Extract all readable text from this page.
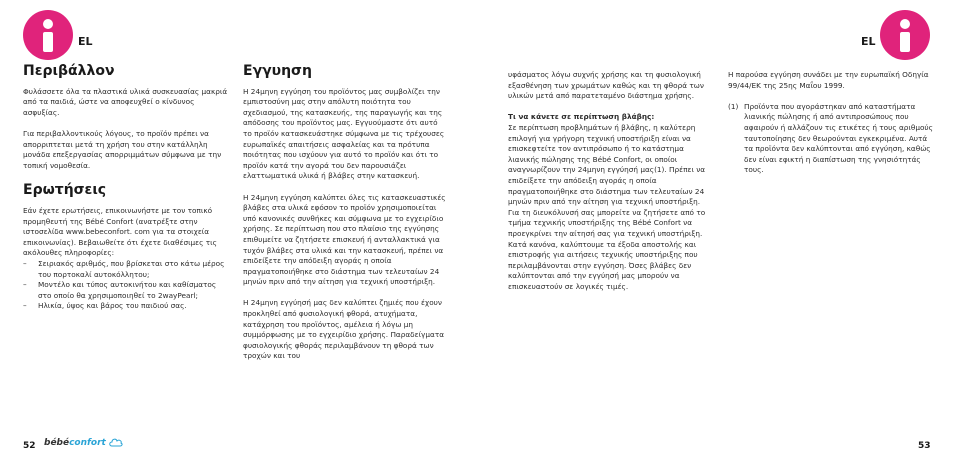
EL	EL
Περιβάλλον

Φυλάσσετε όλα τα πλαστικά υλικά συσκευασίας μακριά από τα παιδιά, ώστε να αποφευχθεί ο κίνδυνος ασφυξίας.

Για περιβαλλοντικούς λόγους, το προϊόν πρέπει να απορριπτεται μετά τη χρήση του στην κατάλληλη μονάδα επεξεργασίας απορριμμάτων σύμφωνα με την τοπική νομοθεσία.

Ερωτήσεις

Εάν έχετε ερωτήσεις, επικοινωνήστε με τον τοπικό προμηθευτή της Bébé Confort (ανατρέξτε στην ιστοσελίδα www.bebeconfort. com για τα στοιχεία επικοινωνίας). Βεβαιωθείτε ότι έχετε διαθέσιμες τις ακόλουθες πληροφορίες:

– Σειριακός αριθμός, που βρίσκεται στο κάτω μέρος του πορτοκαλί αυτοκόλλητου;
– Μοντέλο και τύπος αυτοκινήτου και καθίσματος στο οποίο θα χρησιμοποιηθεί το 2wayPearl;
– Ηλικία, ύψος και βάρος του παιδιού σας.
Εγγυηση

Η 24μηνη εγγύηση του προϊόντος μας συμβολίζει την εμπιστοσύνη μας στην απόλυτη ποιότητα του σχεδιασμού, της κατασκευής, της παραγωγής και της απόδοσης του προϊόντος μας. Εγγυούμαστε ότι αυτό το προϊόν κατασκευάστηκε σύμφωνα με τις τρέχουσες ευρωπαϊκές απαιτήσεις ασφαλείας και τα πρότυπα ποιότητας που ισχύουν για αυτό το προϊόν και ότι το προϊόν κατά την αγορά του δεν παρουσιάζει ελαττωματικά υλικά ή βλάβες στην κατασκευή.

Η 24μηνη εγγύηση καλύπτει όλες τις κατασκευαστικές βλάβες στα υλικά εφόσον το προϊόν χρησιμοποιείται υπό κανονικές συνθήκες και σύμφωνα με το εγχειρίδιο χρήσης. Σε περίπτωση που στο πλαίσιο της εγγύησης επιθυμείτε να ζητήσετε επισκευή ή ανταλλακτικά για τυχόν βλάβες στα υλικά και την κατασκευή, πρέπει να επιδείξετε την απόδειξη αγοράς η οποία πραγματοποιήθηκε στο διάστημα των τελευταίων 24 μηνών πριν από την αίτηση για τεχνική υποστήριξη.

Η 24μηνη εγγύησή μας δεν καλύπτει ζημιές που έχουν προκληθεί από φυσιολογική φθορά, ατυχήματα, κατάχρηση του προϊόντος, αμέλεια ή λόγω μη συμμόρφωσης με το εγχειρίδιο χρήσης. Παραδείγματα φυσιολογικής φθοράς περιλαμβάνουν τη φθορά των τροχών και του

υφάσματος λόγω συχνής χρήσης και τη φυσιολογική εξασθένηση των χρωμάτων καθώς και τη φθορά των υλικών μετά από παρατεταμένο διάστημα χρήσης.

Τι να κάνετε σε περίπτωση βλάβης:

Σε περίπτωση προβλημάτων ή βλάβης, η καλύτερη επιλογή για γρήγορη τεχνική υποστήριξη είναι να επισκεφτείτε τον αντιπρόσωπο ή το κατάστημα λιανικής πώλησης της Bébé Confort, οι οποίοι αναγνωρίζουν την 24μηνη εγγύησή μας(1). Πρέπει να επιδείξετε την απόδειξη αγοράς η οποία πραγματοποιήθηκε στο διάστημα των τελευταίων 24 μηνών πριν από την αίτηση για τεχνική υποστήριξη. Για τη διευκόλυνσή σας μπορείτε να ζητήσετε από το τμήμα τεχνικής υποστήριξης της Bébé Confort να προεγκρίνει την αίτησή σας για τεχνική υποστήριξη. Κατά κανόνα, καλύπτουμε τα έξοδα αποστολής και επιστροφής για αιτήσεις τεχνικής υποστήριξης που περιλαμβάνονται στην εγγύηση. Όσες βλάβες δεν καλύπτονται από την εγγύησή μας μπορούν να επισκευαστούν σε λογικές τιμές.

Η παρούσα εγγύηση συνάδει με την ευρωπαϊκή Οδηγία 99/44/EK της 25ης Μαΐου 1999.

(1) Προϊόντα που αγοράστηκαν από καταστήματα λιανικής πώλησης ή από αντιπροσώπους που αφαιρούν ή αλλάζουν τις ετικέτες ή τους αριθμούς ταυτοποίησης δεν θεωρούνται εγκεκριμένα. Αυτά τα προϊόντα δεν καλύπτονται από εγγύηση, καθώς δεν είναι εφικτή η διαπίστωση της γνησιότητάς τους.
52 bébéconfort	53
